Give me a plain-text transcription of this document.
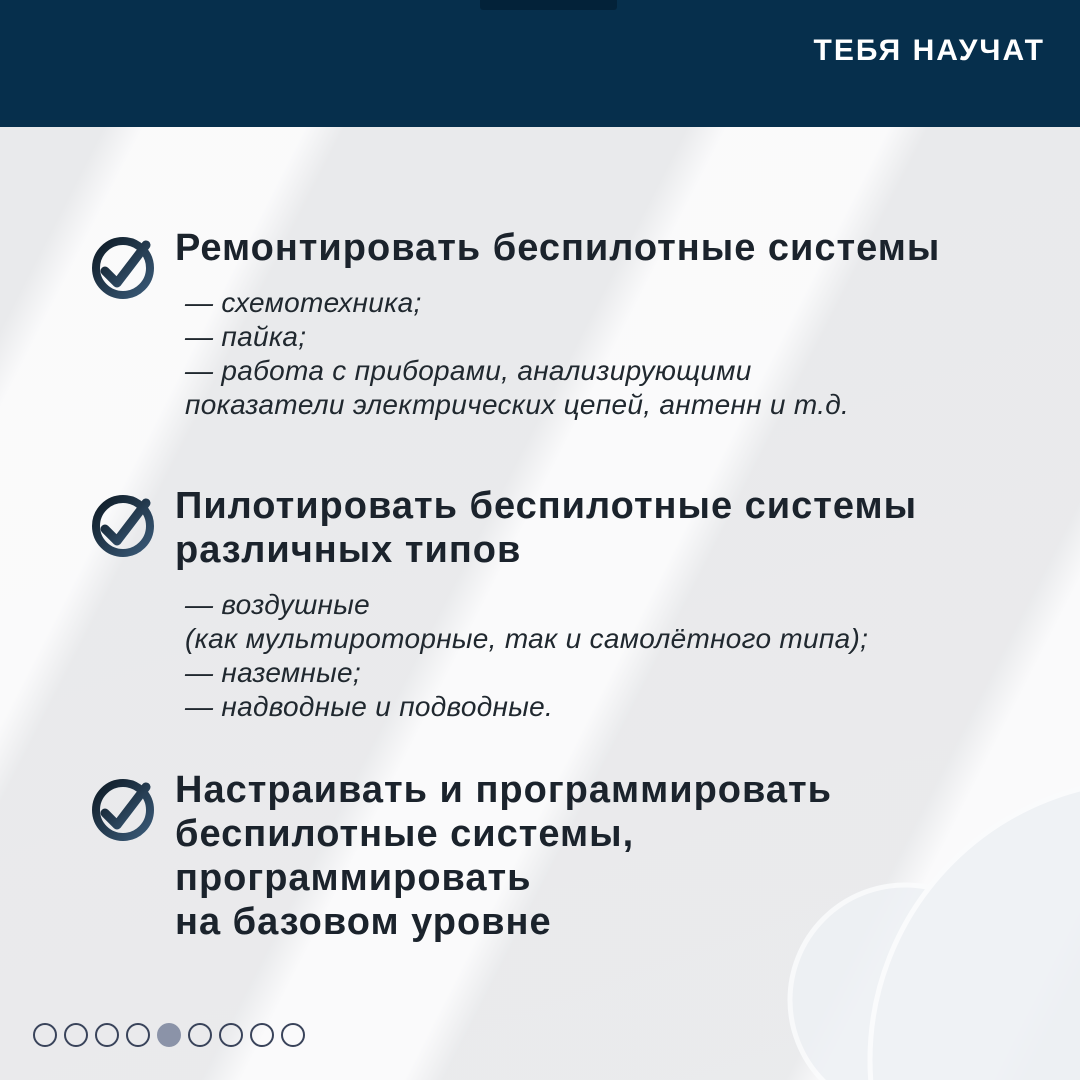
ТЕБЯ НАУЧАТ
Ремонтировать беспилотные системы
— схемотехника;
— пайка;
— работа с приборами, анализирующими
показатели электрических цепей, антенн и т.д.
Пилотировать беспилотные системы
различных типов
— воздушные
(как мультироторные, так и самолётного типа);
— наземные;
— надводные и подводные.
Настраивать и программировать
беспилотные системы,
программировать
на базовом уровне
